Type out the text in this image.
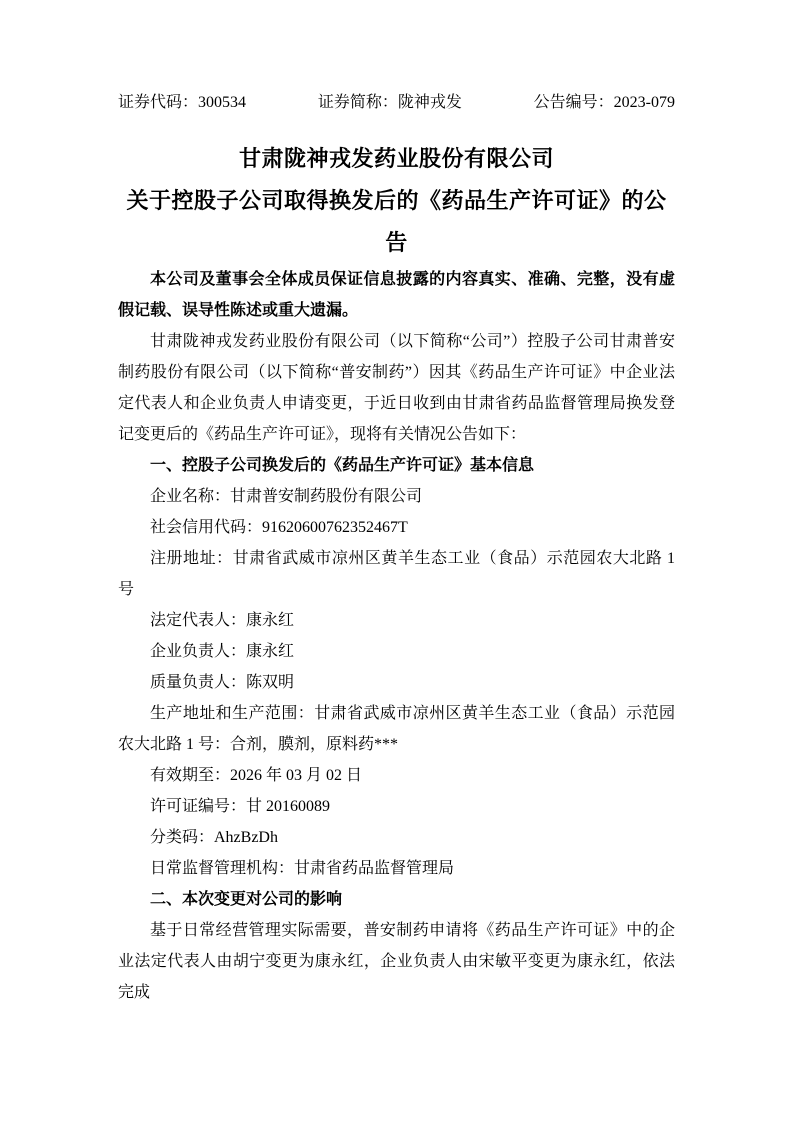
证券代码：300534	证券简称：陇神戎发	公告编号：2023-079

甘肃陇神戎发药业股份有限公司

关于控股子公司取得换发后的《药品生产许可证》的公告

本公司及董事会全体成员保证信息披露的内容真实、准确、完整，没有虚假记载、误导性陈述或重大遗漏。

甘肃陇神戎发药业股份有限公司（以下简称“公司”）控股子公司甘肃普安制药股份有限公司（以下简称“普安制药”）因其《药品生产许可证》中企业法定代表人和企业负责人申请变更，于近日收到由甘肃省药品监督管理局换发登记变更后的《药品生产许可证》，现将有关情况公告如下：

一、控股子公司换发后的《药品生产许可证》基本信息

企业名称：甘肃普安制药股份有限公司

社会信用代码：91620600762352467T

注册地址：甘肃省武威市凉州区黄羊生态工业（食品）示范园农大北路 1 号

法定代表人：康永红

企业负责人：康永红

质量负责人：陈双明

生产地址和生产范围：甘肃省武威市凉州区黄羊生态工业（食品）示范园农大北路 1 号：合剂，膜剂，原料药***

有效期至：2026 年 03 月 02 日

许可证编号：甘 20160089

分类码：AhzBzDh

日常监督管理机构：甘肃省药品监督管理局

二、本次变更对公司的影响

基于日常经营管理实际需要，普安制药申请将《药品生产许可证》中的企业法定代表人由胡宁变更为康永红，企业负责人由宋敏平变更为康永红，依法完成
